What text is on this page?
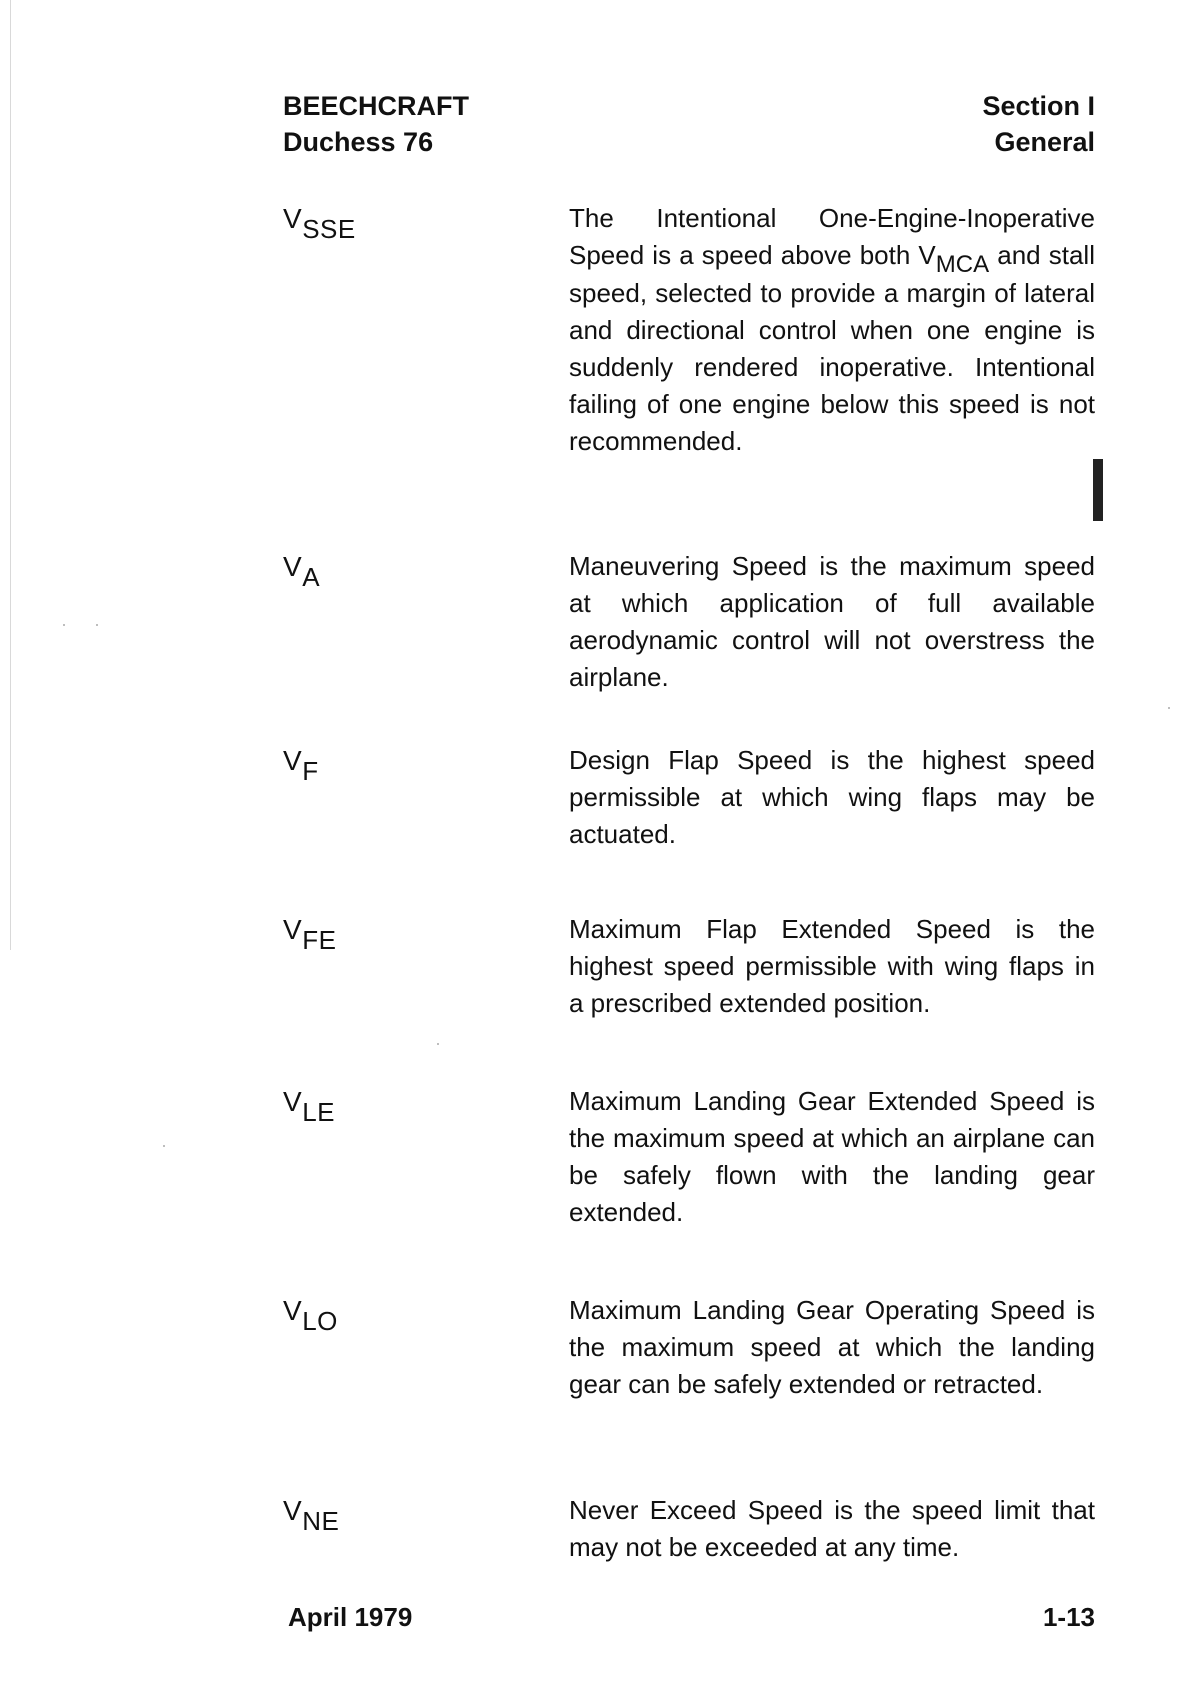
BEECHCRAFT
Duchess 76
Section I
General
VSSE	The Intentional One-Engine-Inoperative Speed is a speed above both VMCA and stall speed, selected to provide a margin of lateral and directional control when one engine is suddenly rendered inoperative. Intentional failing of one engine below this speed is not recommended.
VA	Maneuvering Speed is the maximum speed at which application of full available aerodynamic control will not overstress the airplane.
VF	Design Flap Speed is the highest speed permissible at which wing flaps may be actuated.
VFE	Maximum Flap Extended Speed is the highest speed permissible with wing flaps in a prescribed extended position.
VLE	Maximum Landing Gear Extended Speed is the maximum speed at which an airplane can be safely flown with the landing gear extended.
VLO	Maximum Landing Gear Operating Speed is the maximum speed at which the landing gear can be safely extended or retracted.
VNE	Never Exceed Speed is the speed limit that may not be exceeded at any time.
April 1979	1-13
